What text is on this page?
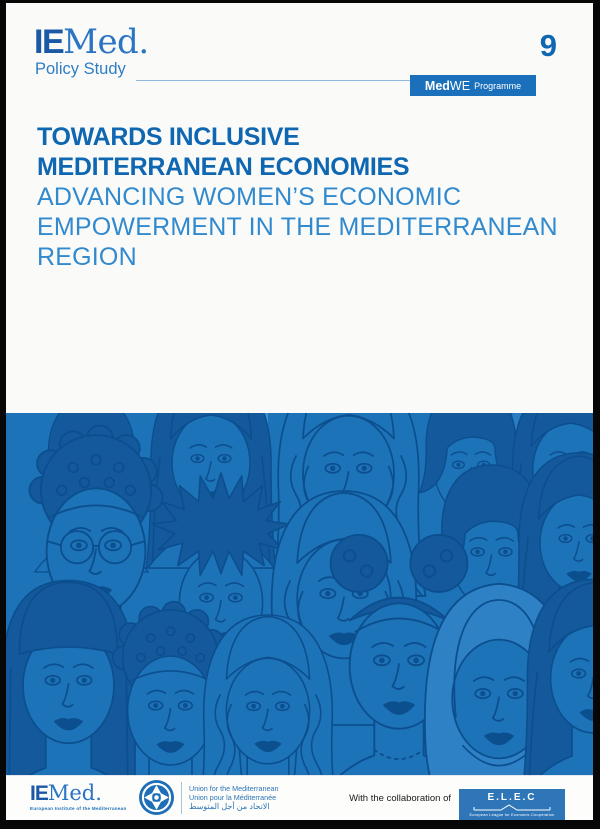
IEMed.
Policy Study
Med WE Programme
9
TOWARDS INCLUSIVE
MEDITERRANEAN ECONOMIES
ADVANCING WOMEN’S ECONOMIC
EMPOWERMENT IN THE MEDITERRANEAN
REGION
IEMed.
European Institute of the Mediterranean
Union for the Mediterranean
Union pour la Méditerranée
الاتحاد من أجل المتوسط
With the collaboration of	E.L.E.C
European League for Economic Cooperation
